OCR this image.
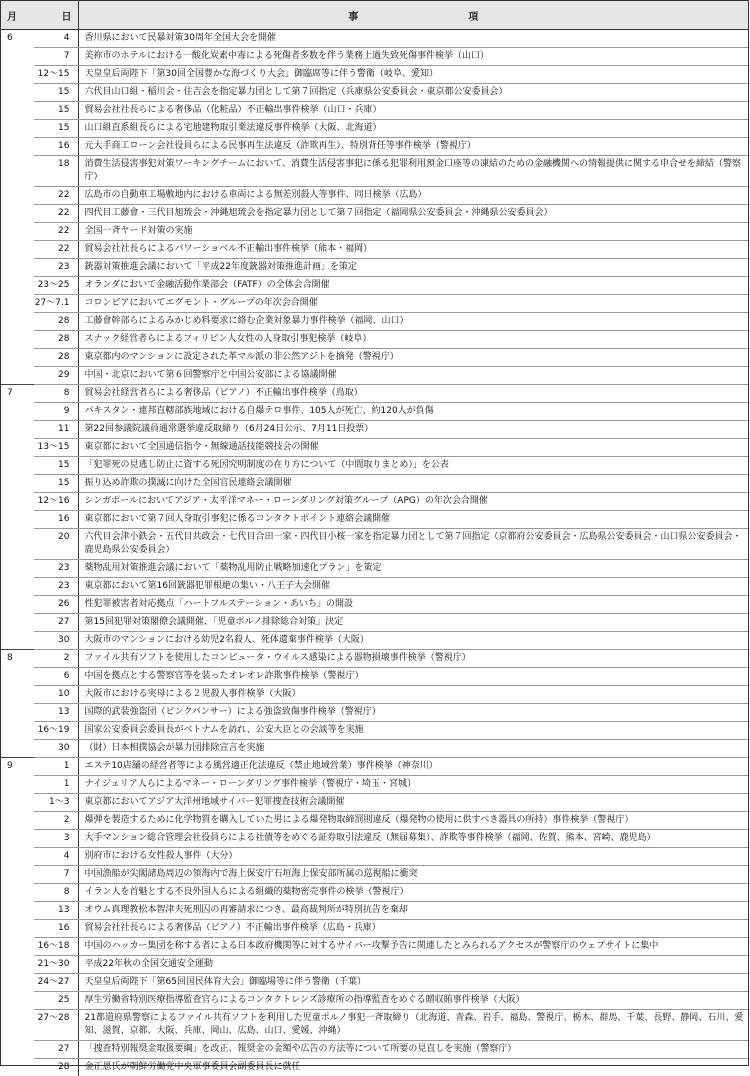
月	日	事　　　　　　　　　　　項
6	4	香川県において民暴対策30周年全国大会を開催
	7	美祢市のホテルにおける一酸化炭素中毒による死傷者多数を伴う業務上過失致死傷事件検挙（山口）
	12～15	天皇皇后両陛下「第30回全国豊かな海づくり大会」御臨席等に伴う警衛（岐阜、愛知）
	15	六代目山口組・稲川会・住吉会を指定暴力団として第７回指定（兵庫県公安委員会・東京都公安委員会）
	15	貿易会社社長らによる奢侈品（化粧品）不正輸出事件検挙（山口・兵庫）
	15	山口組直系組長らによる宅地建物取引業法違反事件検挙（大阪、北海道）
	16	元大手商工ローン会社役員らによる民事再生法違反（詐欺再生）、特別背任等事件検挙（警視庁）
	18	消費生活侵害事犯対策ワーキングチームにおいて、消費生活侵害事犯に係る犯罪利用預金口座等の凍結のための金融機関への情報提供に関する申合せを締結（警察庁）
	22	広島市の自動車工場敷地内における車両による無差別殺人等事件、同日検挙（広島）
	22	四代目工藤會・三代目旭琉会・沖縄旭琉会を指定暴力団として第７回指定（福岡県公安委員会・沖縄県公安委員会）
	22	全国一斉ヤード対策の実施
	22	貿易会社社長らによるパワーショベル不正輸出事件検挙（熊本・福岡）
	23	銃器対策推進会議において「平成22年度銃器対策推進計画」を策定
	23～25	オランダにおいて金融活動作業部会（FATF）の全体会合開催
	27～7.1	コロンビアにおいてエグモント・グループの年次会合開催
	28	工藤會幹部らによるみかじめ料要求に絡む企業対象暴力事件検挙（福岡、山口）
	28	スナック経営者らによるフィリピン人女性の人身取引事犯検挙（岐阜）
	28	東京都内のマンションに設定された革マル派の非公然アジトを摘発（警視庁）
	29	中国・北京において第６回警察庁と中国公安部による協議開催
7	8	貿易会社経営者らによる奢侈品（ピアノ）不正輸出事件検挙（鳥取）
	9	パキスタン・連邦直轄部族地域における自爆テロ事件、105人が死亡、約120人が負傷
	11	第22回参議院議員通常選挙違反取締り（6月24日公示、7月11日投票）
	13～15	東京都において全国通信指令・無線通話技能競技会の開催
	15	「犯罪死の見逃し防止に資する死因究明制度の在り方について（中間取りまとめ）」を公表
	15	振り込め詐欺の撲滅に向けた全国官民連絡会議開催
	12～16	シンガポールにおいてアジア・太平洋マネー・ローンダリング対策グループ（APG）の年次会合開催
	16	東京都において第７回人身取引事犯に係るコンタクトポイント連絡会議開催
	20	六代目会津小鉄会・五代目共政会・七代目合田一家・四代目小桜一家を指定暴力団として第７回指定（京都府公安委員会・広島県公安委員会・山口県公安委員会・鹿児島県公安委員会）
	23	薬物乱用対策推進会議において「薬物乱用防止戦略加速化プラン」を策定
	23	東京都において第16回銃器犯罪根絶の集い・八王子大会開催
	26	性犯罪被害者対応拠点「ハートフルステーション・あいち」の開設
	27	第15回犯罪対策閣僚会議開催、「児童ポルノ排除総合対策」決定
	30	大阪市のマンションにおける幼児2名殺人、死体遺棄事件検挙（大阪）
8	2	ファイル共有ソフトを使用したコンピュータ・ウイルス感染による器物損壊事件検挙（警視庁）
	6	中国を拠点とする警察官等を装ったオレオレ詐欺事件検挙（警視庁）
	10	大阪市における実母による２児殺人事件検挙（大阪）
	13	国際的武装強盗団（ピンクパンサー）による強盗致傷事件検挙（警視庁）
	16～19	国家公安委員会委員長がベトナムを訪れ、公安大臣との会談等を実施
	30	（財）日本相撲協会が暴力団排除宣言を実施
9	1	エステ10店舗の経営者等による風営適正化法違反（禁止地域営業）事件検挙（神奈川）
	1	ナイジェリア人らによるマネー・ローンダリング事件検挙（警視庁・埼玉・宮城）
	1～3	東京都においてアジア大洋州地域サイバー犯罪捜査技術会議開催
	2	爆弾を製造するために化学物質を購入していた男による爆発物取締罰則違反（爆発物の使用に供すべき器具の所持）事件検挙（警視庁）
	3	大手マンション総合管理会社役員らによる社債等をめぐる証券取引法違反（無届募集）、詐欺等事件検挙（福岡、佐賀、熊本、宮崎、鹿児島）
	4	別府市における女性殺人事件（大分）
	7	中国漁船が尖閣諸島周辺の領海内で海上保安庁石垣海上保安部所属の巡視船に衝突
	8	イラン人を首魁とする不良外国人らによる組織的薬物密売事件の検挙（警視庁）
	13	オウム真理教松本智津夫死刑囚の再審請求につき、最高裁判所が特別抗告を棄却
	16	貿易会社社長らによる奢侈品（ピアノ）不正輸出事件検挙（広島・兵庫）
	16～18	中国のハッカー集団を称する者による日本政府機関等に対するサイバー攻撃予告に関連したとみられるアクセスが警察庁のウェブサイトに集中
	21～30	平成22年秋の全国交通安全運動
	24～27	天皇皇后両陛下「第65回国民体育大会」御臨場等に伴う警衛（千葉）
	25	厚生労働省特別医療指導監査官らによるコンタクトレンズ診療所の指導監査をめぐる贈収賄事件検挙（大阪）
	27～28	21都道府県警察によるファイル共有ソフトを利用した児童ポルノ事犯一斉取締り（北海道、青森、岩手、福島、警視庁、栃木、群馬、千葉、長野、静岡、石川、愛知、滋賀、京都、大阪、兵庫、岡山、広島、山口、愛媛、沖縄）
	27	「捜査特別報奨金取扱要綱」を改正、報奨金の金額や広告の方法等について所要の見直しを実施（警察庁）
	28	金正恩氏が朝鮮労働党中央軍事委員会副委員長に就任
